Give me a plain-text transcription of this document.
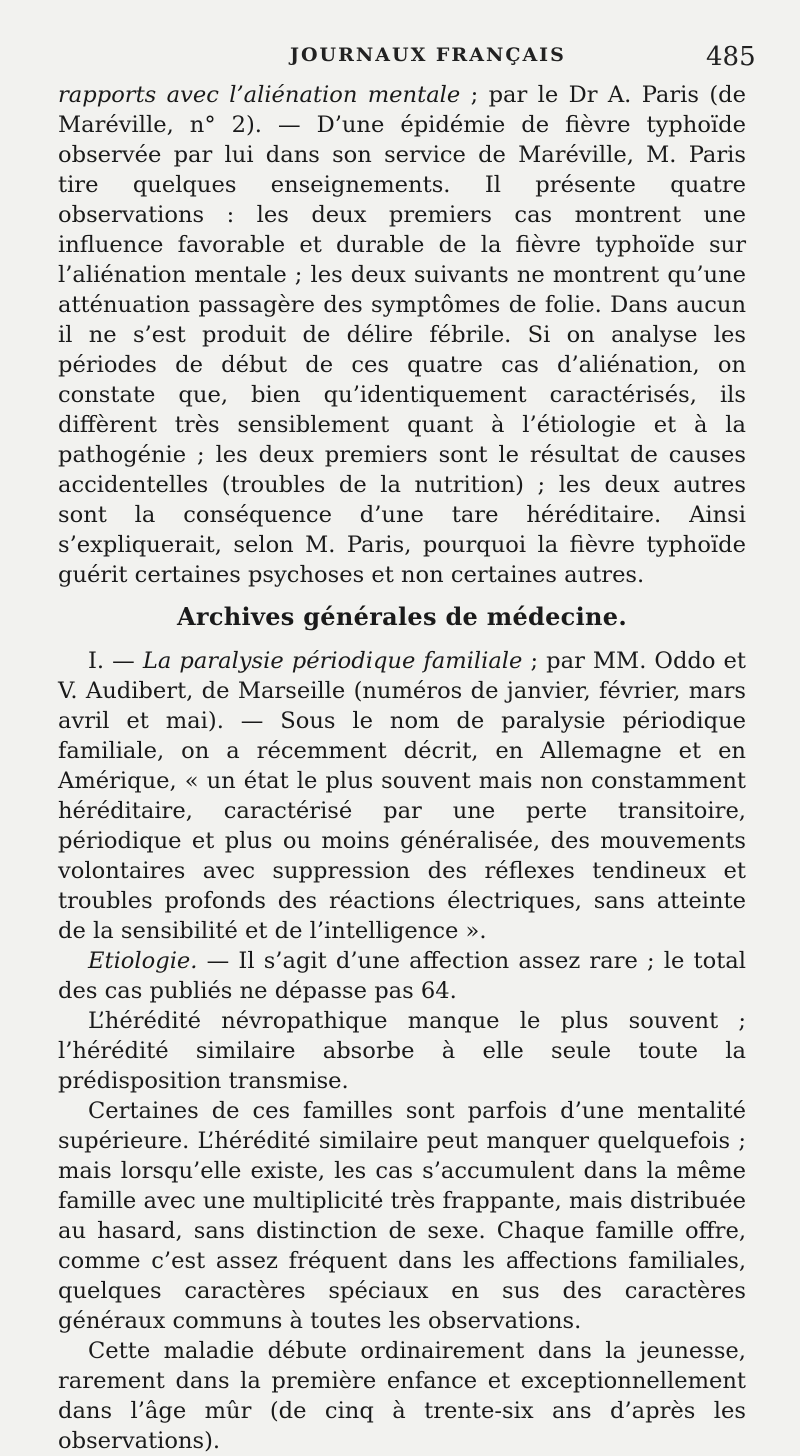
JOURNAUX FRANÇAIS	485

rapports avec l’aliénation mentale ; par le Dr A. Paris (de Maréville, n° 2). — D’une épidémie de fièvre typhoïde observée par lui dans son service de Maréville, M. Paris tire quelques enseignements. Il présente quatre observations : les deux premiers cas montrent une influence favorable et durable de la fièvre typhoïde sur l’aliénation mentale ; les deux suivants ne montrent qu’une atténuation passagère des symptômes de folie. Dans aucun il ne s’est produit de délire fébrile. Si on analyse les périodes de début de ces quatre cas d’aliénation, on constate que, bien qu’identiquement caractérisés, ils diffèrent très sensiblement quant à l’étiologie et à la pathogénie ; les deux premiers sont le résultat de causes accidentelles (troubles de la nutrition) ; les deux autres sont la conséquence d’une tare héréditaire. Ainsi s’expliquerait, selon M. Paris, pourquoi la fièvre typhoïde guérit certaines psychoses et non certaines autres.

Archives générales de médecine.

I. — La paralysie périodique familiale ; par MM. Oddo et V. Audibert, de Marseille (numéros de janvier, février, mars avril et mai). — Sous le nom de paralysie périodique familiale, on a récemment décrit, en Allemagne et en Amérique, « un état le plus souvent mais non constamment héréditaire, caractérisé par une perte transitoire, périodique et plus ou moins généralisée, des mouvements volontaires avec suppression des réflexes tendineux et troubles profonds des réactions électriques, sans atteinte de la sensibilité et de l’intelligence ».

Etiologie. — Il s’agit d’une affection assez rare ; le total des cas publiés ne dépasse pas 64.

L’hérédité névropathique manque le plus souvent ; l’hérédité similaire absorbe à elle seule toute la prédisposition transmise.

Certaines de ces familles sont parfois d’une mentalité supérieure. L’hérédité similaire peut manquer quelquefois ; mais lorsqu’elle existe, les cas s’accumulent dans la même famille avec une multiplicité très frappante, mais distribuée au hasard, sans distinction de sexe. Chaque famille offre, comme c’est assez fréquent dans les affections familiales, quelques caractères spéciaux en sus des caractères généraux communs à toutes les observations.

Cette maladie débute ordinairement dans la jeunesse, rarement dans la première enfance et exceptionnellement dans l’âge mûr (de cinq à trente-six ans d’après les observations).
